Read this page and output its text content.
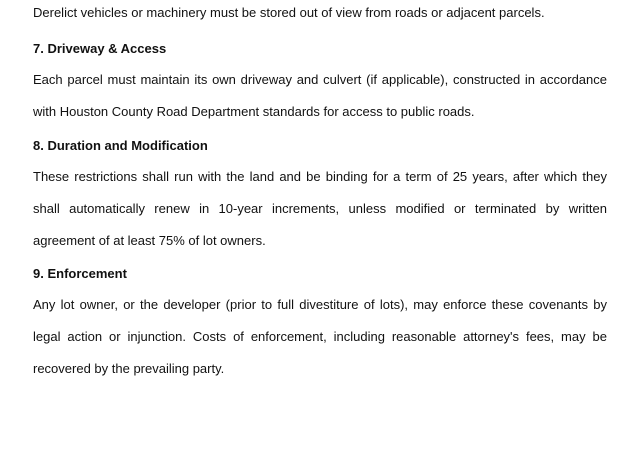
Derelict vehicles or machinery must be stored out of view from roads or adjacent parcels.
7. Driveway & Access
Each parcel must maintain its own driveway and culvert (if applicable), constructed in accordance with Houston County Road Department standards for access to public roads.
8. Duration and Modification
These restrictions shall run with the land and be binding for a term of 25 years, after which they shall automatically renew in 10-year increments, unless modified or terminated by written agreement of at least 75% of lot owners.
9. Enforcement
Any lot owner, or the developer (prior to full divestiture of lots), may enforce these covenants by legal action or injunction. Costs of enforcement, including reasonable attorney's fees, may be recovered by the prevailing party.
